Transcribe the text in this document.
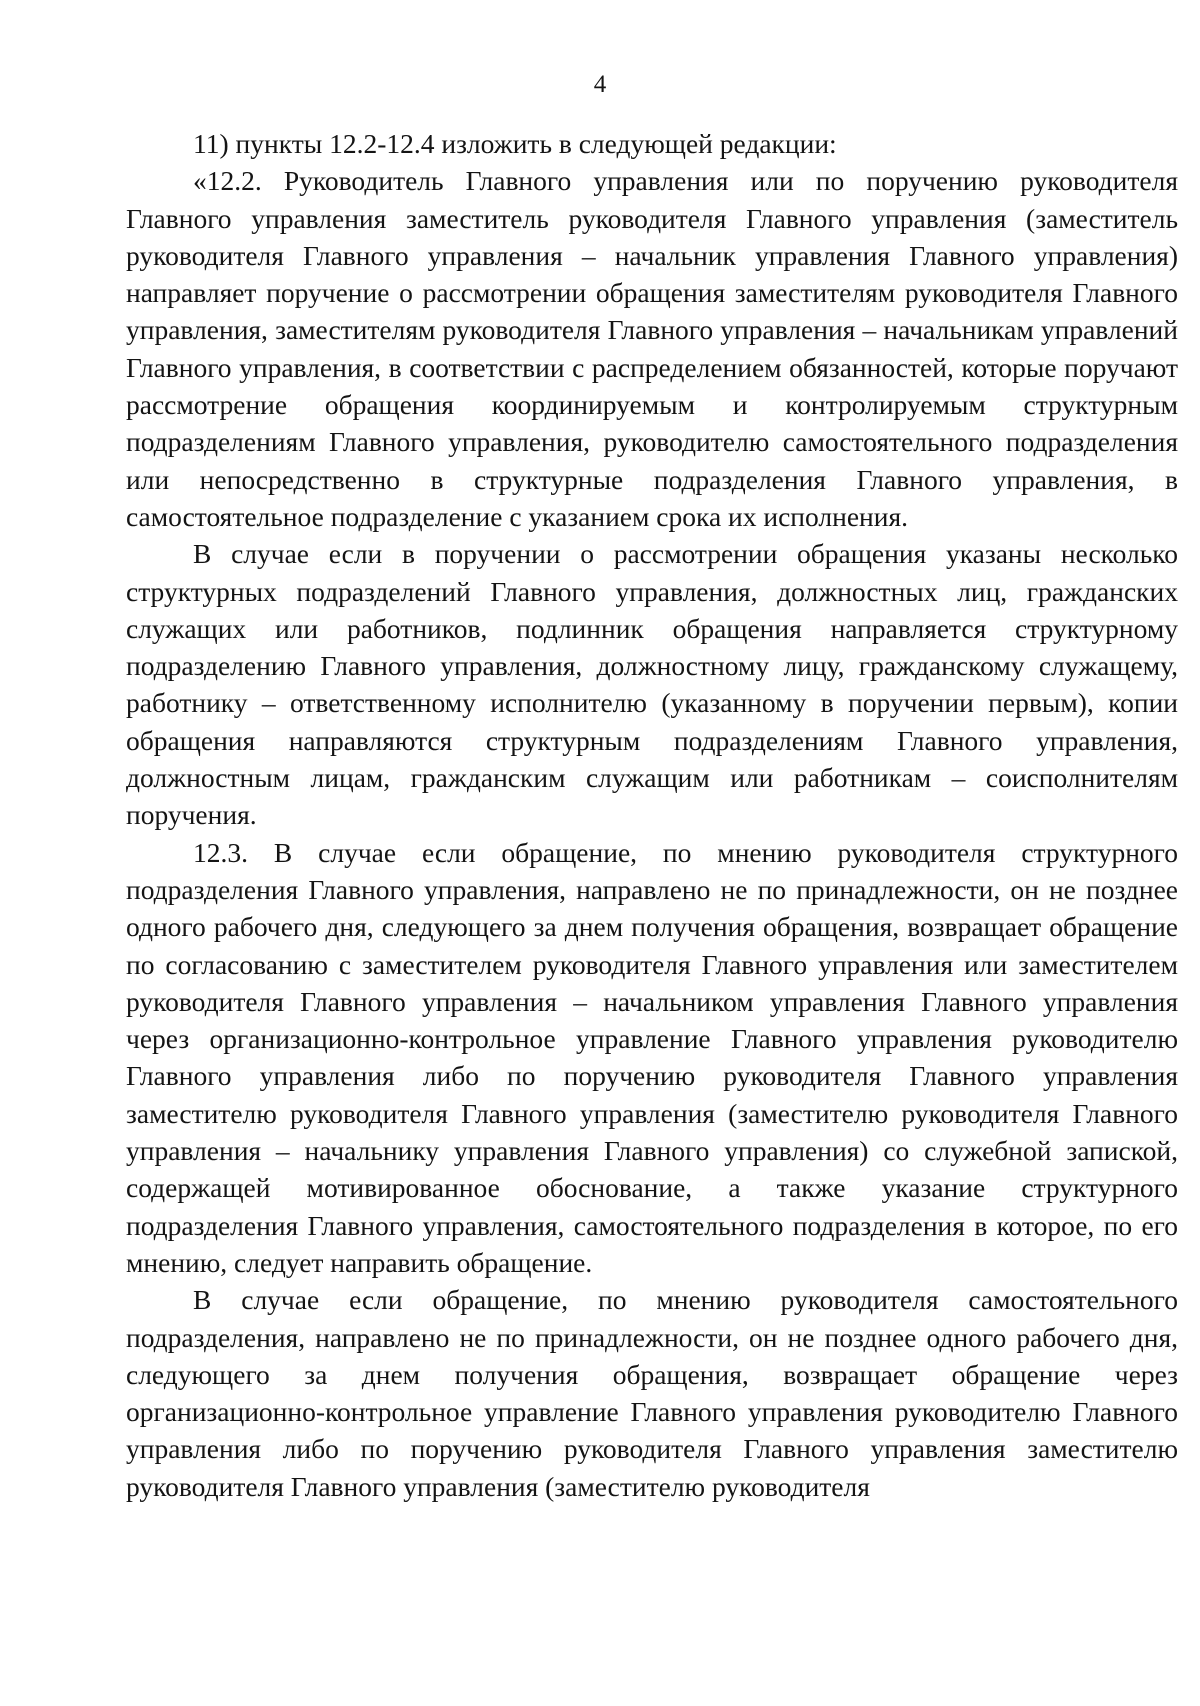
4

11) пункты 12.2-12.4 изложить в следующей редакции:

«12.2. Руководитель Главного управления или по поручению руководителя Главного управления заместитель руководителя Главного управления (заместитель руководителя Главного управления – начальник управления Главного управления) направляет поручение о рассмотрении обращения заместителям руководителя Главного управления, заместителям руководителя Главного управления – начальникам управлений Главного управления, в соответствии с распределением обязанностей, которые поручают рассмотрение обращения координируемым и контролируемым структурным подразделениям Главного управления, руководителю самостоятельного подразделения или непосредственно в структурные подразделения Главного управления, в самостоятельное подразделение с указанием срока их исполнения.

В случае если в поручении о рассмотрении обращения указаны несколько структурных подразделений Главного управления, должностных лиц, гражданских служащих или работников, подлинник обращения направляется структурному подразделению Главного управления, должностному лицу, гражданскому служащему, работнику – ответственному исполнителю (указанному в поручении первым), копии обращения направляются структурным подразделениям Главного управления, должностным лицам, гражданским служащим или работникам – соисполнителям поручения.

12.3. В случае если обращение, по мнению руководителя структурного подразделения Главного управления, направлено не по принадлежности, он не позднее одного рабочего дня, следующего за днем получения обращения, возвращает обращение по согласованию с заместителем руководителя Главного управления или заместителем руководителя Главного управления – начальником управления Главного управления через организационно-контрольное управление Главного управления руководителю Главного управления либо по поручению руководителя Главного управления заместителю руководителя Главного управления (заместителю руководителя Главного управления – начальнику управления Главного управления) со служебной запиской, содержащей мотивированное обоснование, а также указание структурного подразделения Главного управления, самостоятельного подразделения в которое, по его мнению, следует направить обращение.

В случае если обращение, по мнению руководителя самостоятельного подразделения, направлено не по принадлежности, он не позднее одного рабочего дня, следующего за днем получения обращения, возвращает обращение через организационно-контрольное управление Главного управления руководителю Главного управления либо по поручению руководителя Главного управления заместителю руководителя Главного управления (заместителю руководителя
